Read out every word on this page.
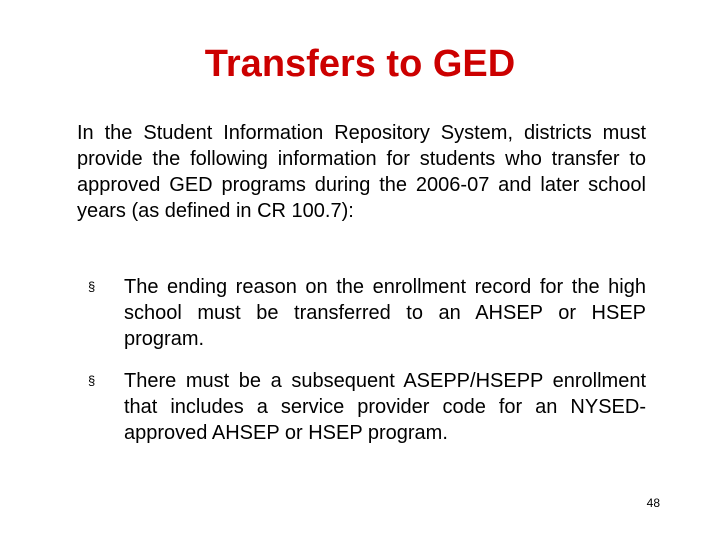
Transfers to GED

In the Student Information Repository System, districts must provide the following information for students who transfer to approved GED programs during the 2006-07 and later school years (as defined in CR 100.7):

§	The ending reason on the enrollment record for the high school must be transferred to an AHSEP or HSEP program.
§	There must be a subsequent ASEPP/HSEPP enrollment that includes a service provider code for an NYSED-approved AHSEP or HSEP program.
48
